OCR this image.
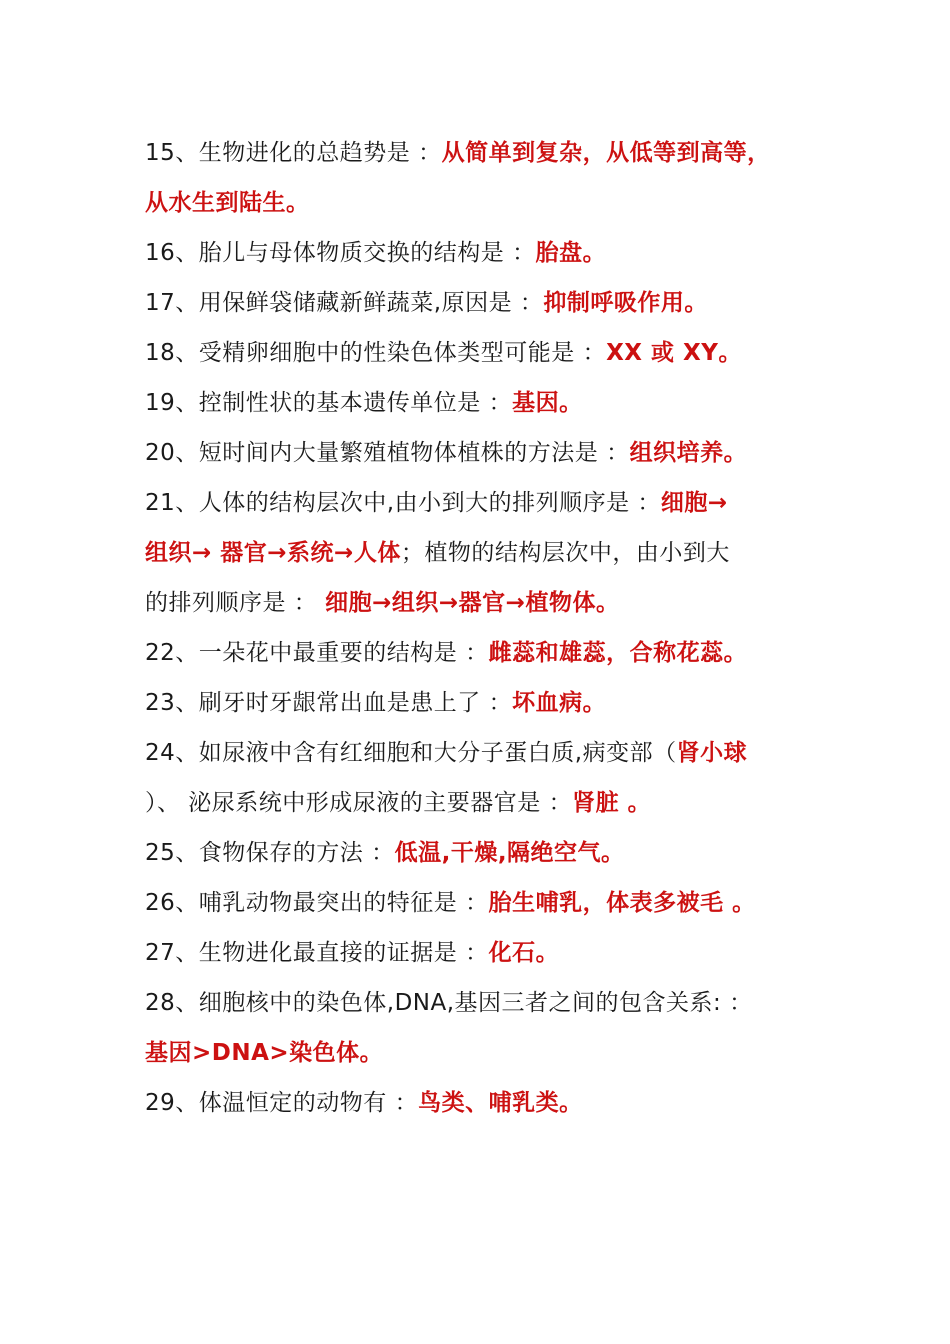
15、生物进化的总趋势是 ：从简单到复杂，从低等到高等，
从水生到陆生。
16、胎儿与母体物质交换的结构是 ：胎盘。
17、用保鲜袋储藏新鲜蔬菜,原因是 ：抑制呼吸作用。
18、受精卵细胞中的性染色体类型可能是 ：XX 或 XY。
19、控制性状的基本遗传单位是 ：基因。
20、短时间内大量繁殖植物体植株的方法是 ：组织培养。
21、人体的结构层次中,由小到大的排列顺序是 ：细胞→
组织→ 器官→系统→人体；植物的结构层次中，由小到大
的排列顺序是 ： 细胞→组织→器官→植物体。
22、一朵花中最重要的结构是 ：雌蕊和雄蕊，合称花蕊。
23、刷牙时牙龈常出血是患上了 ：坏血病。
24、如尿液中含有红细胞和大分子蛋白质,病变部（肾小球
）、 泌尿系统中形成尿液的主要器官是 ：肾脏 。
25、食物保存的方法 ：低温,干燥,隔绝空气。
26、哺乳动物最突出的特征是 ：胎生哺乳，体表多被毛 。
27、生物进化最直接的证据是 ：化石。
28、细胞核中的染色体,DNA,基因三者之间的包含关系: ：
基因>DNA>染色体。
29、体温恒定的动物有 ：鸟类、哺乳类。
